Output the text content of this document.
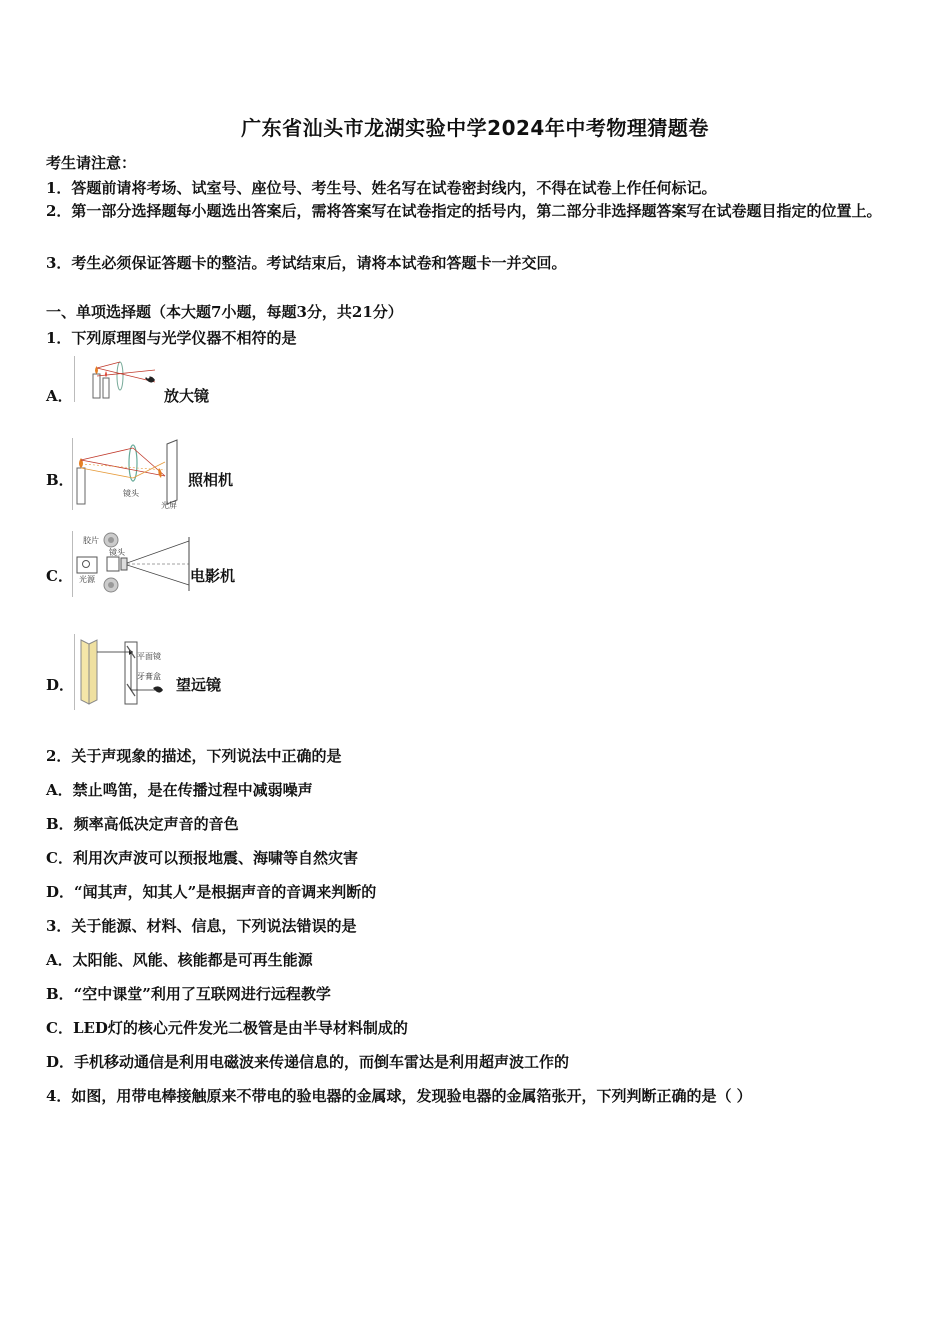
广东省汕头市龙湖实验中学2024年中考物理猜题卷
考生请注意：
1．答题前请将考场、试室号、座位号、考生号、姓名写在试卷密封线内，不得在试卷上作任何标记。
2．第一部分选择题每小题选出答案后，需将答案写在试卷指定的括号内，第二部分非选择题答案写在试卷题目指定的位置上。
3．考生必须保证答题卡的整洁。考试结束后，请将本试卷和答题卡一并交回。
一、单项选择题（本大题7小题，每题3分，共21分）
1．下列原理图与光学仪器不相符的是
A．	放大镜
B．
镜头
光屏
照相机
C．
胶片
镜头
光源	电影机
D．
平面镜
牙膏盒 望远镜
2．关于声现象的描述，下列说法中正确的是
A．禁止鸣笛，是在传播过程中减弱噪声
B．频率高低决定声音的音色
C．利用次声波可以预报地震、海啸等自然灾害
D．“闻其声，知其人”是根据声音的音调来判断的
3．关于能源、材料、信息，下列说法错误的是
A．太阳能、风能、核能都是可再生能源
B．“空中课堂”利用了互联网进行远程教学
C．LED灯的核心元件发光二极管是由半导材料制成的
D．手机移动通信是利用电磁波来传递信息的，而倒车雷达是利用超声波工作的
4．如图，用带电棒接触原来不带电的验电器的金属球，发现验电器的金属箔张开，下列判断正确的是（ ）
